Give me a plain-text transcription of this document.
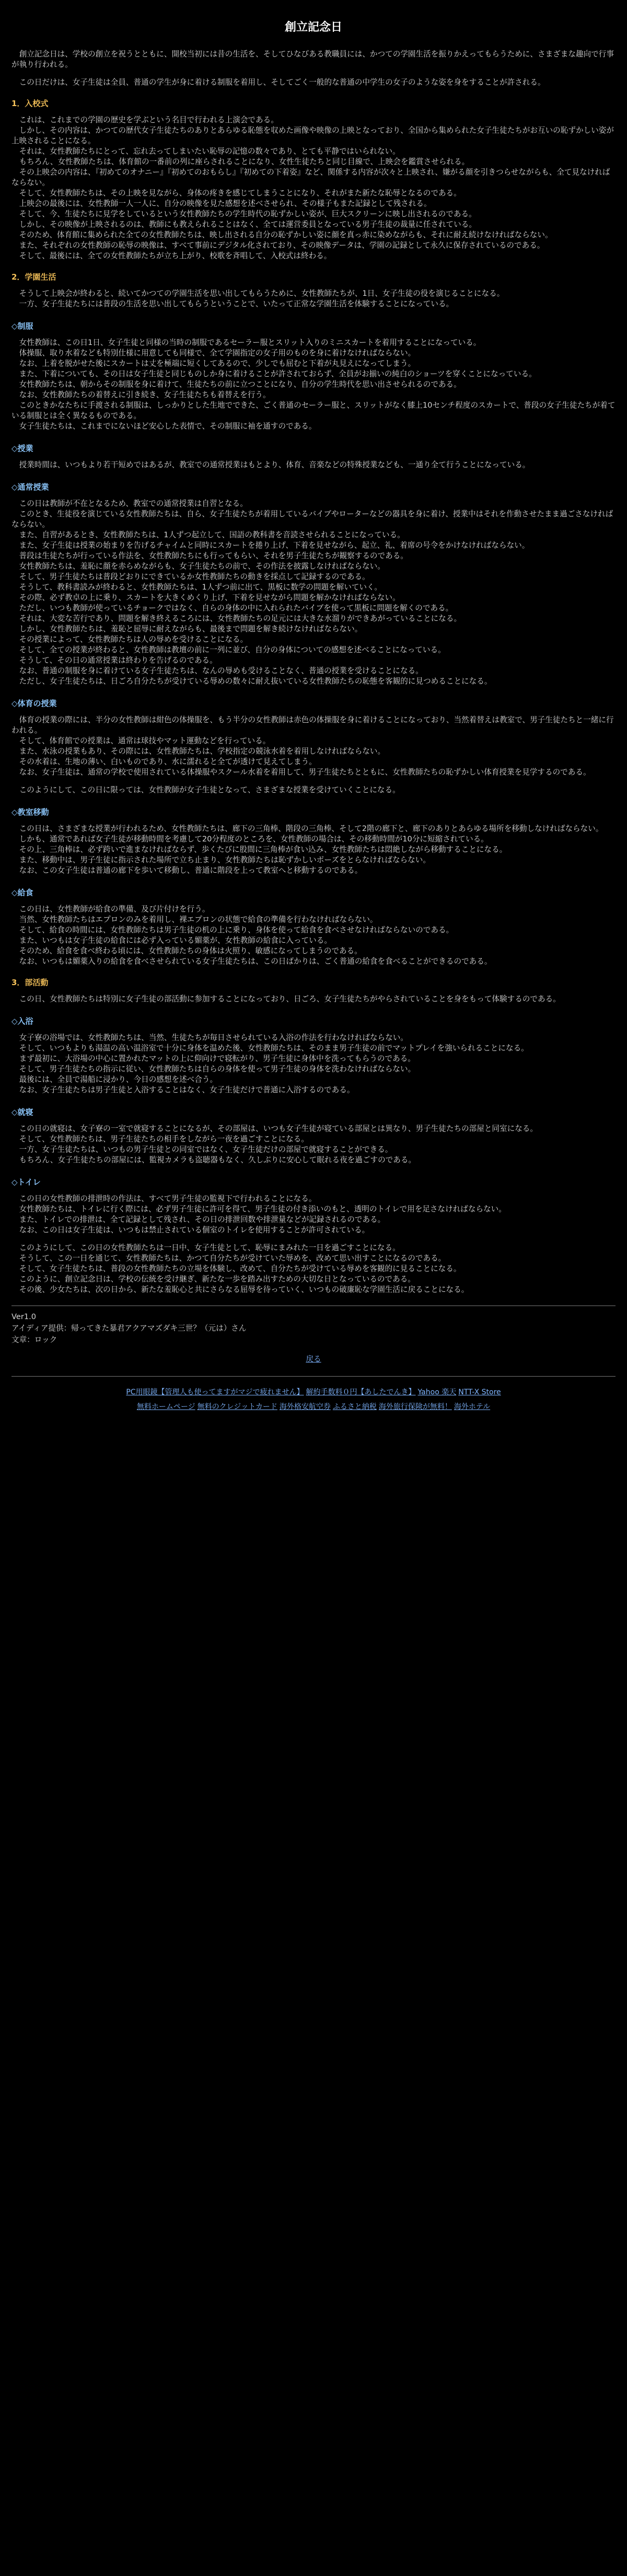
創立記念日

　創立記念日は、学校の創立を祝うとともに、開校当初には昔の生活を、そしてひなびある教職員には、かつての学園生活を振りかえってもらうために、さまざまな趣向で行事が執り行われる。

　この日だけは、女子生徒は全員、普通の学生が身に着ける制服を着用し、そしてごく一般的な普通の中学生の女子のような姿を身をすることが許される。

1．入校式

　これは、これまでの学園の歴史を学ぶという名目で行われる上演会である。
　しかし、その内容は、かつての歴代女子生徒たちのありとあらゆる恥態を収めた画像や映像の上映となっており、全国から集められた女子生徒たちがお互いの恥ずかしい姿が上映されることになる。
　それは、女性教師たちにとって、忘れ去ってしまいたい恥辱の記憶の数々であり、とても平静ではいられない。
　もちろん、女性教師たちは、体育館の一番前の列に座らされることになり、女性生徒たちと同じ目線で、上映会を鑑賞させられる。
　その上映会の内容は、『初めてのオナニー』『初めてのおもらし』『初めての下着姿』など、関係する内容が次々と上映され、嫌がる顔を引きつらせながらも、全て見なければならない。
　そして、女性教師たちは、その上映を見ながら、身体の疼きを感じてしまうことになり、それがまた新たな恥辱となるのである。
　上映会の最後には、女性教師一人一人に、自分の映像を見た感想を述べさせられ、その様子もまた記録として残される。
　そして、今、生徒たちに見学をしているという女性教師たちの学生時代の恥ずかしい姿が、巨大スクリーンに映し出されるのである。
　しかし、その映像が上映されるのは、教師にも教えられることはなく、全ては運営委員となっている男子生徒の裁量に任されている。
　そのため、体育館に集められた全ての女性教師たちは、映し出される自分の恥ずかしい姿に顔を真っ赤に染めながらも、それに耐え続けなければならない。
　また、それぞれの女性教師の恥辱の映像は、すべて事前にデジタル化されており、その映像データは、学園の記録として永久に保存されているのである。
　そして、最後には、全ての女性教師たちが立ち上がり、校歌を斉唱して、入校式は終わる。

2．学園生活

　そうして上映会が終わると、続いてかつての学園生活を思い出してもらうために、女性教師たちが、1日、女子生徒の役を演じることになる。
　一方、女子生徒たちには普段の生活を思い出してもらうということで、いたって正常な学園生活を体験することになっている。

◇制服

　女性教師は、この日1日、女子生徒と同様の当時の制服であるセーラー服とスリット入りのミニスカートを着用することになっている。
　体操服、取り水着なども特別仕様に用意しても同様で、全て学園指定の女子用のものを身に着けなければならない。
　なお、上着を脱がせた後にスカートは丈を極端に短くしてあるので、少しでも屈むと下着が丸見えになってしまう。
　また、下着についても、その日は女子生徒と同じものしか身に着けることが許されておらず、全員がお揃いの純白のショーツを穿くことになっている。
　女性教師たちは、朝からその制服を身に着けて、生徒たちの前に立つことになり、自分の学生時代を思い出させられるのである。
　なお、女性教師たちの着替えに引き続き、女子生徒たちも着替えを行う。
　このときかなたちに手渡される制服は、しっかりとした生地でできた、ごく普通のセーラー服と、スリットがなく膝上10センチ程度のスカートで、普段の女子生徒たちが着ている制服とは全く異なるものである。
　女子生徒たちは、これまでにないほど安心した表情で、その制服に袖を通すのである。

◇授業

　授業時間は、いつもより若干短めではあるが、教室での通常授業はもとより、体育、音楽などの特殊授業なども、一通り全て行うことになっている。

◇通常授業

　この日は教師が不在となるため、教室での通常授業は自習となる。
　このとき、生徒役を演じている女性教師たちは、自ら、女子生徒たちが着用しているバイブやローターなどの器具を身に着け、授業中はそれを作動させたまま過ごさなければならない。
　また、自習があるとき、女性教師たちは、1人ずつ起立して、国語の教科書を音読させられることになっている。
　また、女子生徒は授業の始まりを告げるチャイムと同時にスカートを捲り上げ、下着を見せながら、起立、礼、着席の号令をかけなければならない。
　普段は生徒たちが行っている作法を、女性教師たちにも行ってもらい、それを男子生徒たちが観察するのである。
　女性教師たちは、羞恥に顔を赤らめながらも、女子生徒たちの前で、その作法を披露しなければならない。
　そして、男子生徒たちは普段どおりにできているか女性教師たちの動きを採点して記録するのである。
　そうして、教科書読みが終わると、女性教師たちは、1人ずつ前に出て、黒板に数学の問題を解いていく。
　その際、必ず教卓の上に乗り、スカートを大きくめくり上げ、下着を見せながら問題を解かなければならない。
　ただし、いつも教師が使っているチョークではなく、自らの身体の中に入れられたバイブを使って黒板に問題を解くのである。
　それは、大変な苦行であり、問題を解き終えるころには、女性教師たちの足元には大きな水溜りができあがっていることになる。
　しかし、女性教師たちは、羞恥と屈辱に耐えながらも、最後まで問題を解き続けなければならない。
　その授業によって、女性教師たちは人の辱めを受けることになる。
　そして、全ての授業が終わると、女性教師は教壇の前に一列に並び、自分の身体についての感想を述べることになっている。
　そうして、その日の通常授業は終わりを告げるのである。
　なお、普通の制服を身に着けている女子生徒たちは、なんの辱めも受けることなく、普通の授業を受けることになる。
　ただし、女子生徒たちは、日ごろ自分たちが受けている辱めの数々に耐え抜いている女性教師たちの恥態を客観的に見つめることになる。

◇体育の授業

　体育の授業の際には、半分の女性教師は紺色の体操服を、もう半分の女性教師は赤色の体操服を身に着けることになっており、当然着替えは教室で、男子生徒たちと一緒に行われる。
　そして、体育館での授業は、通常は球技やマット運動などを行っている。
　また、水泳の授業もあり、その際には、女性教師たちは、学校指定の競泳水着を着用しなければならない。
　その水着は、生地の薄い、白いものであり、水に濡れると全てが透けて見えてしまう。
　なお、女子生徒は、通常の学校で使用されている体操服やスクール水着を着用して、男子生徒たちとともに、女性教師たちの恥ずかしい体育授業を見学するのである。

　このようにして、この日に限っては、女性教師が女子生徒となって、さまざまな授業を受けていくことになる。

◇教室移動

　この日は、さまざまな授業が行われるため、女性教師たちは、廊下の三角棒、階段の三角棒、そして2階の廊下と、廊下のありとあらゆる場所を移動しなければならない。
　しかも、通常であれば女子生徒が移動時間を考慮して20分程度のところを、女性教師の場合は、その移動時間が10分に短縮されている。
　その上、三角棒は、必ず跨いで進まなければならず、歩くたびに股間に三角棒が食い込み、女性教師たちは悶絶しながら移動することになる。
　また、移動中は、男子生徒に指示された場所で立ち止まり、女性教師たちは恥ずかしいポーズをとらなければならない。
　なお、この女子生徒は普通の廊下を歩いて移動し、普通に階段を上って教室へと移動するのである。

◇給食

　この日は、女性教師が給食の準備、及び片付けを行う。
　当然、女性教師たちはエプロンのみを着用し、裸エプロンの状態で給食の準備を行わなければならない。
　そして、給食の時間には、女性教師たちは男子生徒の机の上に乗り、身体を使って給食を食べさせなければならないのである。
　また、いつもは女子生徒の給食には必ず入っている媚薬が、女性教師の給食に入っている。
　そのため、給食を食べ終わる頃には、女性教師たちの身体は火照り、敏感になってしまうのである。
　なお、いつもは媚薬入りの給食を食べさせられている女子生徒たちは、この日ばかりは、ごく普通の給食を食べることができるのである。

3．部活動

　この日、女性教師たちは特別に女子生徒の部活動に参加することになっており、日ごろ、女子生徒たちがやらされていることを身をもって体験するのである。

◇入浴

　女子寮の浴場では、女性教師たちは、当然、生徒たちが毎日させられている入浴の作法を行わなければならない。
　そして、いつもよりも湯温の高い温浴室で十分に身体を温めた後、女性教師たちは、そのまま男子生徒の前でマットプレイを強いられることになる。
　まず最初に、大浴場の中心に置かれたマットの上に仰向けで寝転がり、男子生徒に身体中を洗ってもらうのである。
　そして、男子生徒たちの指示に従い、女性教師たちは自らの身体を使って男子生徒の身体を洗わなければならない。
　最後には、全員で湯船に浸かり、今日の感想を述べ合う。
　なお、女子生徒たちは男子生徒と入浴することはなく、女子生徒だけで普通に入浴するのである。

◇就寝

　この日の就寝は、女子寮の一室で就寝することになるが、その部屋は、いつも女子生徒が寝ている部屋とは異なり、男子生徒たちの部屋と同室になる。
　そして、女性教師たちは、男子生徒たちの相手をしながら一夜を過ごすことになる。
　一方、女子生徒たちは、いつもの男子生徒との同室ではなく、女子生徒だけの部屋で就寝することができる。
　もちろん、女子生徒たちの部屋には、監視カメラも盗聴器もなく、久しぶりに安心して眠れる夜を過ごすのである。

◇トイレ

　この日の女性教師の排泄時の作法は、すべて男子生徒の監視下で行われることになる。
　女性教師たちは、トイレに行く際には、必ず男子生徒に許可を得て、男子生徒の付き添いのもと、透明のトイレで用を足さなければならない。
　また、トイレでの排泄は、全て記録として残され、その日の排泄回数や排泄量などが記録されるのである。
　なお、この日は女子生徒は、いつもは禁止されている個室のトイレを使用することが許可されている。

　このようにして、この日の女性教師たちは一日中、女子生徒として、恥辱にまみれた一日を過ごすことになる。
　そうして、この一日を通じて、女性教師たちは、かつて自分たちが受けていた辱めを、改めて思い出すことになるのである。
　そして、女子生徒たちは、普段の女性教師たちの立場を体験し、改めて、自分たちが受けている辱めを客観的に見ることになる。
　このように、創立記念日は、学校の伝統を受け継ぎ、新たな一歩を踏み出すための大切な日となっているのである。
　その後、少女たちは、次の日から、新たな羞恥心と共にさらなる屈辱を待っていく、いつもの破廉恥な学園生活に戻ることになる。

Ver1.0
アイディア提供：帰ってきた暴君アクアマズダキ三世？（元は）さん
文章：ロック
戻る
PC用眼鏡【管理人も使ってますがマジで疲れません】 解約手数料０円【あしたでんき】 Yahoo 楽天 NTT-X Store
無料ホームページ 無料のクレジットカード 海外格安航空券 ふるさと納税 海外旅行保険が無料！ 海外ホテル
